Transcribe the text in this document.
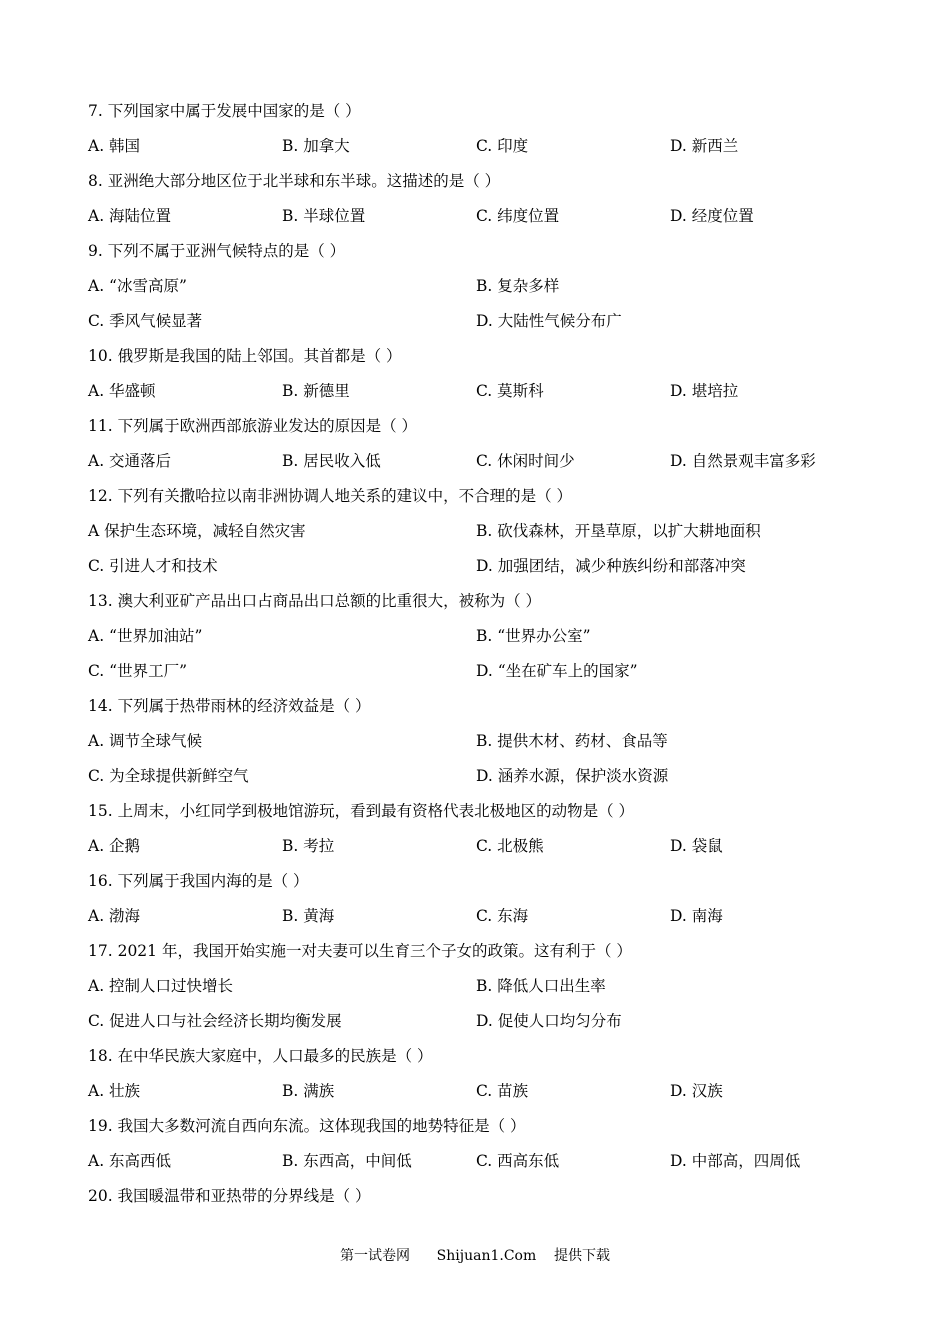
7. 下列国家中属于发展中国家的是（ ）
A. 韩国	B. 加拿大	C. 印度	D. 新西兰
8. 亚洲绝大部分地区位于北半球和东半球。这描述的是（ ）
A. 海陆位置	B. 半球位置	C. 纬度位置	D. 经度位置
9. 下列不属于亚洲气候特点的是（ ）
A. “冰雪高原”	B. 复杂多样
C. 季风气候显著	D. 大陆性气候分布广
10. 俄罗斯是我国的陆上邻国。其首都是（ ）
A. 华盛顿	B. 新德里	C. 莫斯科	D. 堪培拉
11. 下列属于欧洲西部旅游业发达的原因是（ ）
A. 交通落后	B. 居民收入低	C. 休闲时间少	D. 自然景观丰富多彩
12. 下列有关撒哈拉以南非洲协调人地关系的建议中，不合理的是（ ）
A 保护生态环境，减轻自然灾害	B. 砍伐森林，开垦草原，以扩大耕地面积
C. 引进人才和技术	D. 加强团结，减少种族纠纷和部落冲突
13. 澳大利亚矿产品出口占商品出口总额的比重很大，被称为（ ）
A. “世界加油站”	B. “世界办公室”
C. “世界工厂”	D. “坐在矿车上的国家”
14. 下列属于热带雨林的经济效益是（ ）
A. 调节全球气候	B. 提供木材、药材、食品等
C. 为全球提供新鲜空气	D. 涵养水源，保护淡水资源
15. 上周末，小红同学到极地馆游玩，看到最有资格代表北极地区的动物是（ ）
A. 企鹅	B. 考拉	C. 北极熊	D. 袋鼠
16. 下列属于我国内海的是（ ）
A. 渤海	B. 黄海	C. 东海	D. 南海
17. 2021 年，我国开始实施一对夫妻可以生育三个子女的政策。这有利于（ ）
A. 控制人口过快增长	B. 降低人口出生率
C. 促进人口与社会经济长期均衡发展	D. 促使人口均匀分布
18. 在中华民族大家庭中，人口最多的民族是（ ）
A. 壮族	B. 满族	C. 苗族	D. 汉族
19. 我国大多数河流自西向东流。这体现我国的地势特征是（ ）
A. 东高西低	B. 东西高，中间低	C. 西高东低	D. 中部高，四周低
20. 我国暖温带和亚热带的分界线是（ ）
第一试卷网      Shijuan1.Com    提供下载
